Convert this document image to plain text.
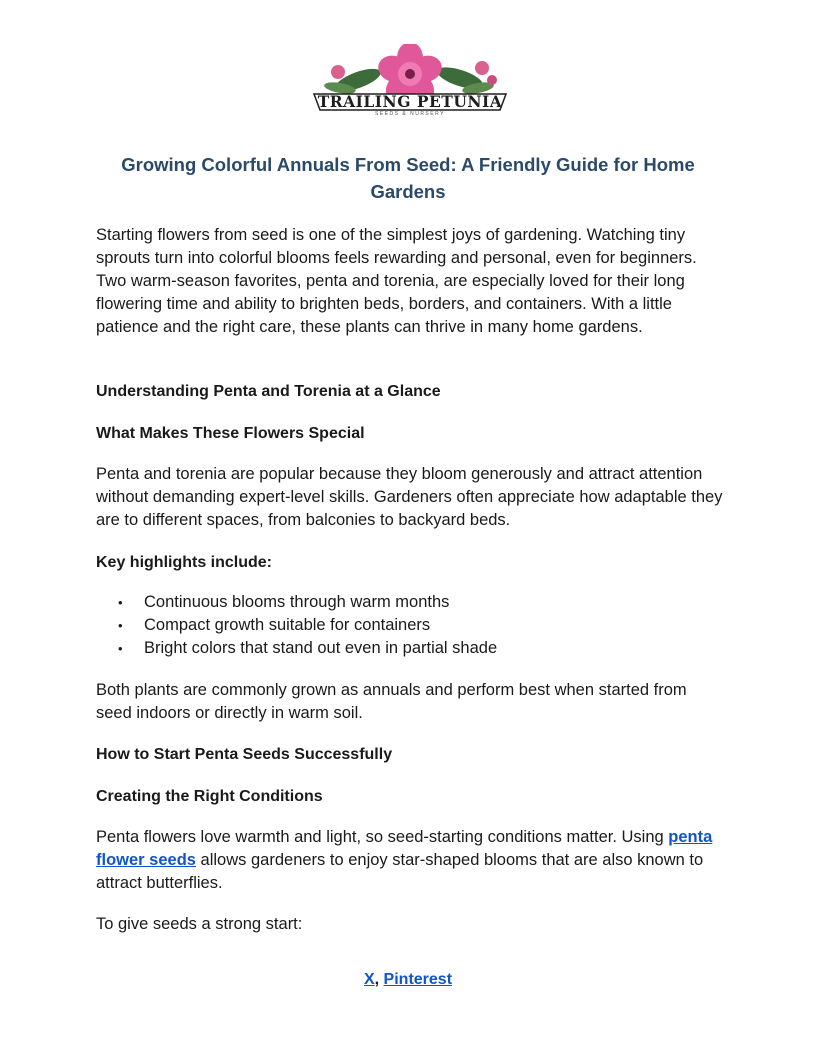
TRAILING PETUNIA
SEEDS & NURSERY
Growing Colorful Annuals From Seed: A Friendly Guide for Home Gardens

Starting flowers from seed is one of the simplest joys of gardening. Watching tiny sprouts turn into colorful blooms feels rewarding and personal, even for beginners. Two warm-season favorites, penta and torenia, are especially loved for their long flowering time and ability to brighten beds, borders, and containers. With a little patience and the right care, these plants can thrive in many home gardens.

Understanding Penta and Torenia at a Glance

What Makes These Flowers Special

Penta and torenia are popular because they bloom generously and attract attention without demanding expert-level skills. Gardeners often appreciate how adaptable they are to different spaces, from balconies to backyard beds.

Key highlights include:

• Continuous blooms through warm months
• Compact growth suitable for containers
• Bright colors that stand out even in partial shade

Both plants are commonly grown as annuals and perform best when started from seed indoors or directly in warm soil.

How to Start Penta Seeds Successfully

Creating the Right Conditions

Penta flowers love warmth and light, so seed-starting conditions matter. Using penta flower seeds allows gardeners to enjoy star-shaped blooms that are also known to attract butterflies.

To give seeds a strong start:

X, Pinterest
